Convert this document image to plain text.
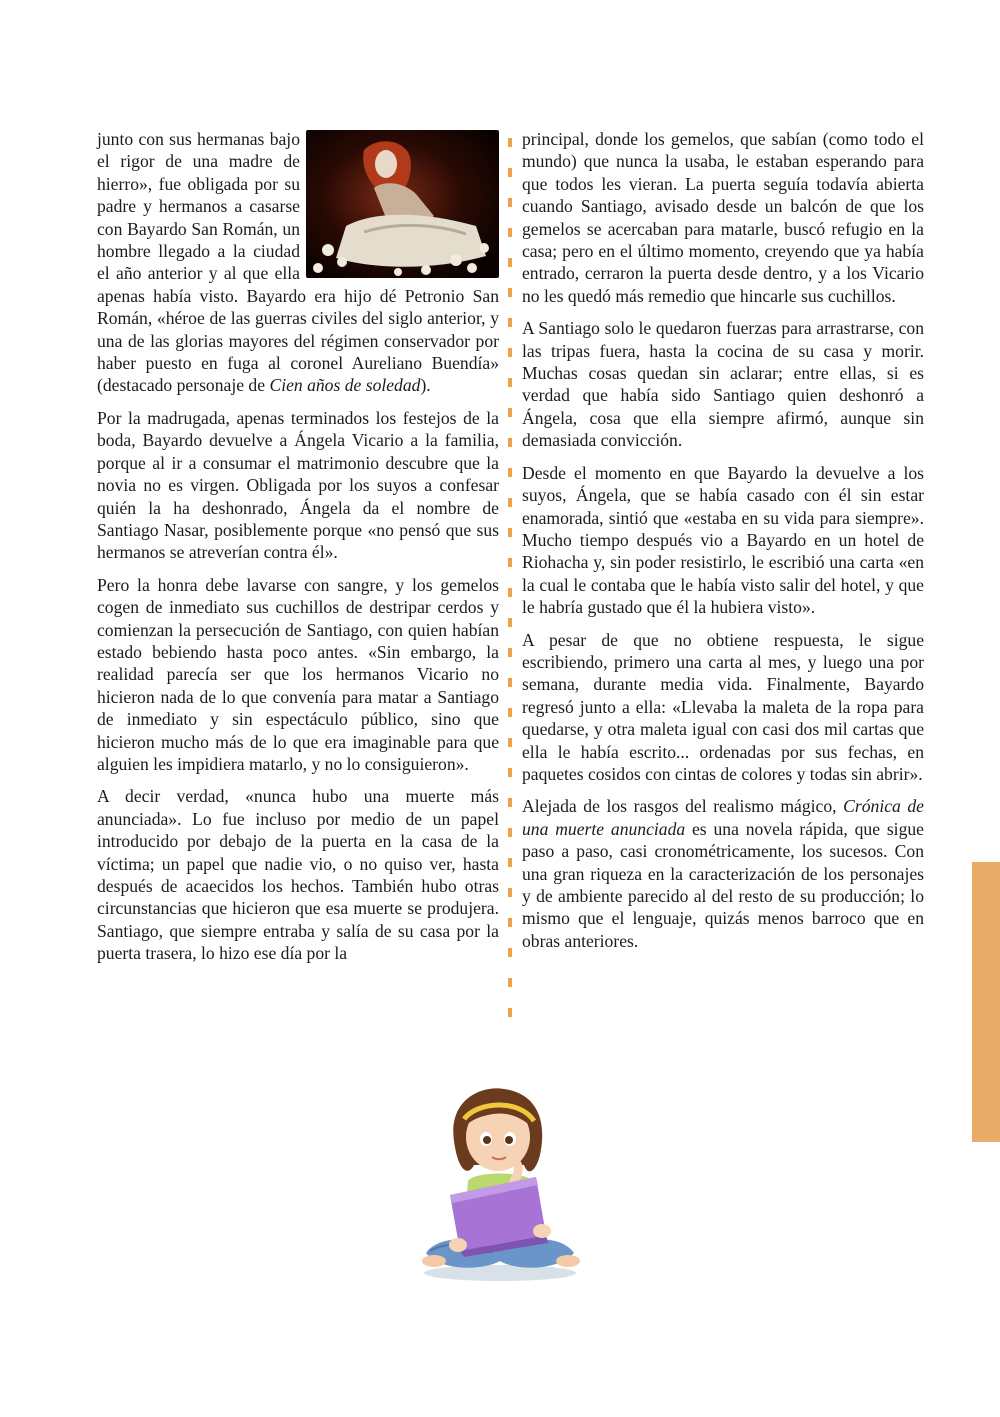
junto con sus hermanas bajo el rigor de una madre de hierro», fue obligada por su padre y hermanos a casarse con Bayardo San Román, un hombre llegado a la ciudad el año anterior y al que ella apenas había visto. Bayardo era hijo dé Petronio San Román, «héroe de las guerras civiles del siglo anterior, y una de las glorias mayores del régimen conservador por haber puesto en fuga al coronel Aureliano Buendía» (destacado personaje de Cien años de soledad).

Por la madrugada, apenas terminados los festejos de la boda, Bayardo devuelve a Ángela Vicario a la familia, porque al ir a consumar el matrimonio descubre que la novia no es virgen. Obligada por los suyos a confesar quién la ha deshonrado, Ángela da el nombre de Santiago Nasar, posiblemente porque «no pensó que sus hermanos se atreverían contra él».

Pero la honra debe lavarse con sangre, y los gemelos cogen de inmediato sus cuchillos de destripar cerdos y comienzan la persecución de Santiago, con quien habían estado bebiendo hasta poco antes. «Sin embargo, la realidad parecía ser que los hermanos Vicario no hicieron nada de lo que convenía para matar a Santiago de inmediato y sin espectáculo público, sino que hicieron mucho más de lo que era imaginable para que alguien les impidiera matarlo, y no lo consiguieron».

A decir verdad, «nunca hubo una muerte más anunciada». Lo fue incluso por medio de un papel introducido por debajo de la puerta en la casa de la víctima; un papel que nadie vio, o no quiso ver, hasta después de acaecidos los hechos. También hubo otras circunstancias que hicieron que esa muerte se produjera. Santiago, que siempre entraba y salía de su casa por la puerta trasera, lo hizo ese día por la

principal, donde los gemelos, que sabían (como todo el mundo) que nunca la usaba, le estaban esperando para que todos les vieran. La puerta seguía todavía abierta cuando Santiago, avisado desde un balcón de que los gemelos se acercaban para matarle, buscó refugio en la casa; pero en el último momento, creyendo que ya había entrado, cerraron la puerta desde dentro, y a los Vicario no les quedó más remedio que hincarle sus cuchillos.

A Santiago solo le quedaron fuerzas para arrastrarse, con las tripas fuera, hasta la cocina de su casa y morir. Muchas cosas quedan sin aclarar; entre ellas, si es verdad que había sido Santiago quien deshonró a Ángela, cosa que ella siempre afirmó, aunque sin demasiada convicción.

Desde el momento en que Bayardo la devuelve a los suyos, Ángela, que se había casado con él sin estar enamorada, sintió que «estaba en su vida para siempre». Mucho tiempo después vio a Bayardo en un hotel de Riohacha y, sin poder resistirlo, le escribió una carta «en la cual le contaba que le había visto salir del hotel, y que le habría gustado que él la hubiera visto».

A pesar de que no obtiene respuesta, le sigue escribiendo, primero una carta al mes, y luego una por semana, durante media vida. Finalmente, Bayardo regresó junto a ella: «Llevaba la maleta de la ropa para quedarse, y otra maleta igual con casi dos mil cartas que ella le había escrito... ordenadas por sus fechas, en paquetes cosidos con cintas de colores y todas sin abrir».

Alejada de los rasgos del realismo mágico, Crónica de una muerte anunciada es una novela rápida, que sigue paso a paso, casi cronométricamente, los sucesos. Con una gran riqueza en la caracterización de los personajes y de ambiente parecido al del resto de su producción; lo mismo que el lenguaje, quizás menos barroco que en obras anteriores.
